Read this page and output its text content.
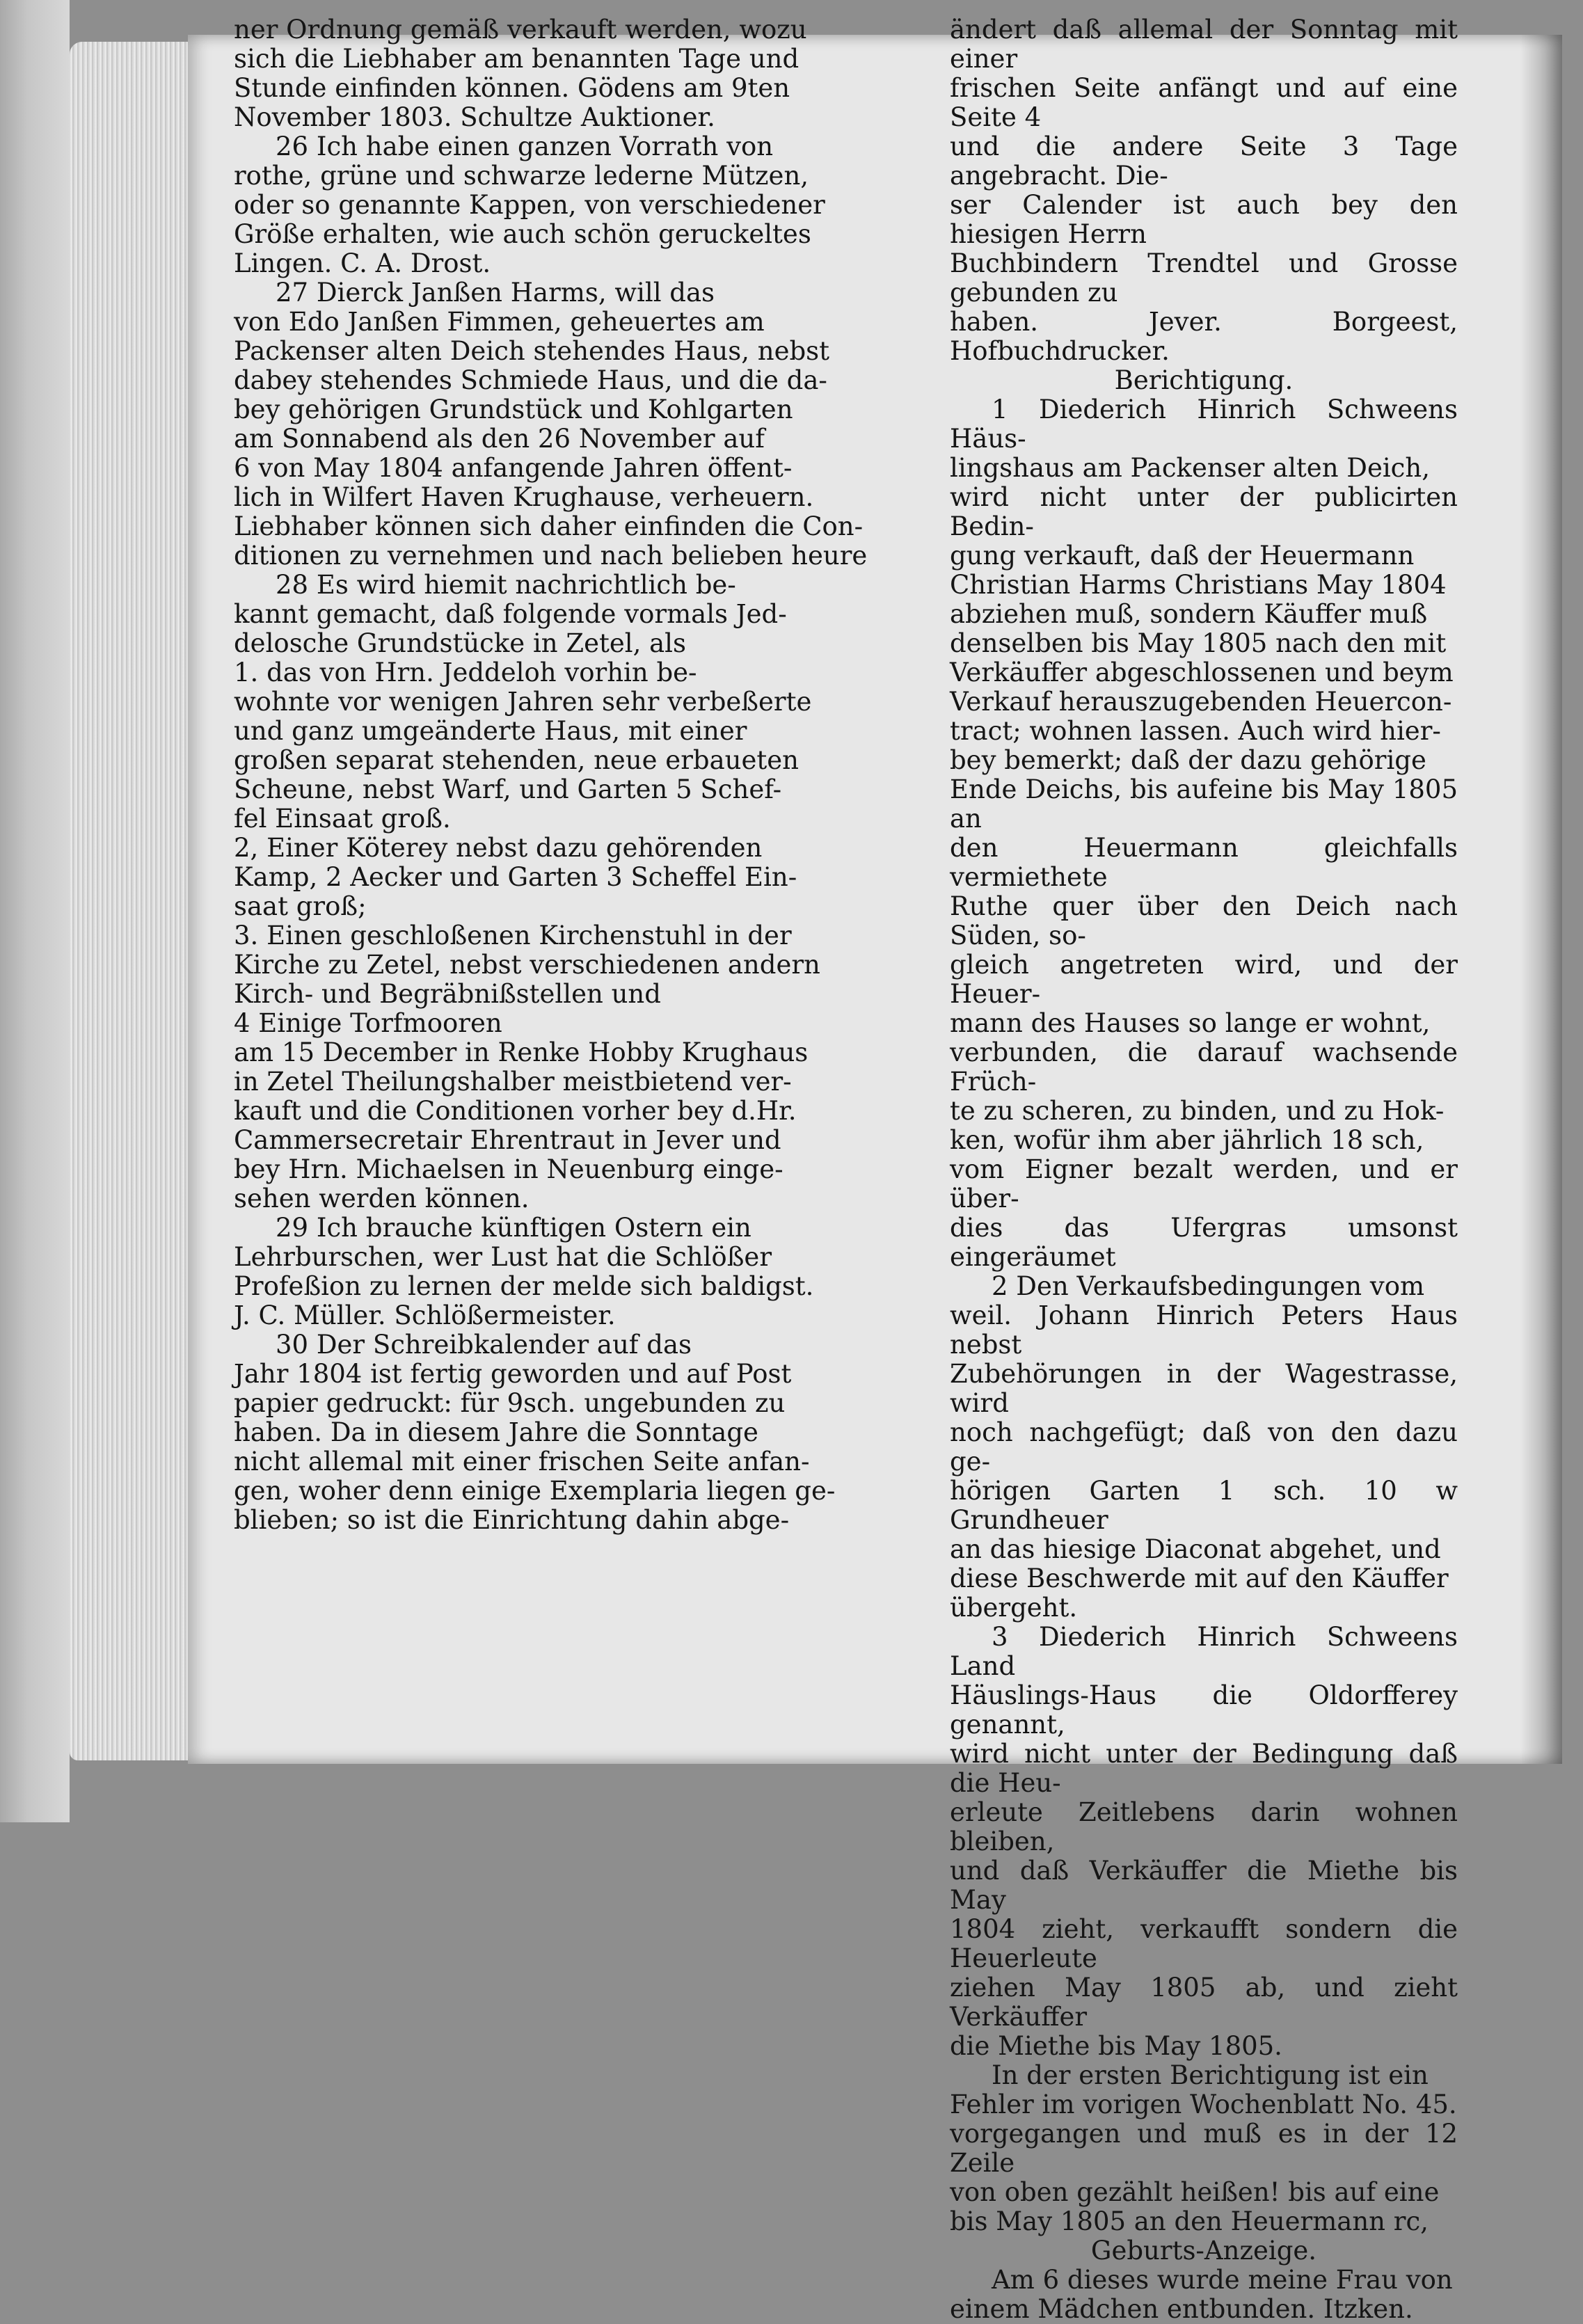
ner Ordnung gemäß verkauft werden, wozu

sich die Liebhaber am benannten Tage und

Stunde einfinden können. Gödens am 9ten

November 1803. Schultze Auktioner.

26 Ich habe einen ganzen Vorrath von

rothe, grüne und schwarze lederne Mützen,

oder so genannte Kappen, von verschiedener

Größe erhalten, wie auch schön geruckeltes

Lingen. C. A. Drost.

27 Dierck Janßen Harms, will das

von Edo Janßen Fimmen, geheuertes am

Packenser alten Deich stehendes Haus, nebst

dabey stehendes Schmiede Haus, und die da-

bey gehörigen Grundstück und Kohlgarten

am Sonnabend als den 26 November auf

6 von May 1804 anfangende Jahren öffent-

lich in Wilfert Haven Krughause, verheuern.

Liebhaber können sich daher einfinden die Con-

ditionen zu vernehmen und nach belieben heure

28 Es wird hiemit nachrichtlich be-

kannt gemacht, daß folgende vormals Jed-

delosche Grundstücke in Zetel, als

1. das von Hrn. Jeddeloh vorhin be-

wohnte vor wenigen Jahren sehr verbeßerte

und ganz umgeänderte Haus, mit einer

großen separat stehenden, neue erbaueten

Scheune, nebst Warf, und Garten 5 Schef-

fel Einsaat groß.

2, Einer Köterey nebst dazu gehörenden

Kamp, 2 Aecker und Garten 3 Scheffel Ein-

saat groß;

3. Einen geschloßenen Kirchenstuhl in der

Kirche zu Zetel, nebst verschiedenen andern

Kirch- und Begräbnißstellen und

4 Einige Torfmooren

am 15 December in Renke Hobby Krughaus

in Zetel Theilungshalber meistbietend ver-

kauft und die Conditionen vorher bey d.Hr.

Cammersecretair Ehrentraut in Jever und

bey Hrn. Michaelsen in Neuenburg einge-

sehen werden können.

29 Ich brauche künftigen Ostern ein

Lehrburschen, wer Lust hat die Schlößer

Profeßion zu lernen der melde sich baldigst.

J. C. Müller. Schlößermeister.

30 Der Schreibkalender auf das

Jahr 1804 ist fertig geworden und auf Post

papier gedruckt: für 9sch. ungebunden zu

haben. Da in diesem Jahre die Sonntage

nicht allemal mit einer frischen Seite anfan-

gen, woher denn einige Exemplaria liegen ge-

blieben; so ist die Einrichtung dahin abge-

ändert daß allemal der Sonntag mit einer

frischen Seite anfängt und auf eine Seite 4

und die andere Seite 3 Tage angebracht. Die-

ser Calender ist auch bey den hiesigen Herrn

Buchbindern Trendtel und Grosse gebunden zu

haben. Jever. Borgeest, Hofbuchdrucker.

Berichtigung.

1 Diederich Hinrich Schweens Häus-

lingshaus am Packenser alten Deich,

wird nicht unter der publicirten Bedin-

gung verkauft, daß der Heuermann

Christian Harms Christians May 1804

abziehen muß, sondern Käuffer muß

denselben bis May 1805 nach den mit

Verkäuffer abgeschlossenen und beym

Verkauf herauszugebenden Heuercon-

tract; wohnen lassen. Auch wird hier-

bey bemerkt; daß der dazu gehörige

Ende Deichs, bis aufeine bis May 1805 an

den Heuermann gleichfalls vermiethete

Ruthe quer über den Deich nach Süden, so-

gleich angetreten wird, und der Heuer-

mann des Hauses so lange er wohnt,

verbunden, die darauf wachsende Früch-

te zu scheren, zu binden, und zu Hok-

ken, wofür ihm aber jährlich 18 sch,

vom Eigner bezalt werden, und er über-

dies das Ufergras umsonst eingeräumet

2 Den Verkaufsbedingungen vom

weil. Johann Hinrich Peters Haus nebst

Zubehörungen in der Wagestrasse, wird

noch nachgefügt; daß von den dazu ge-

hörigen Garten 1 sch. 10 w Grundheuer

an das hiesige Diaconat abgehet, und

diese Beschwerde mit auf den Käuffer

übergeht.

3 Diederich Hinrich Schweens Land

Häuslings-Haus die Oldorfferey genannt,

wird nicht unter der Bedingung daß die Heu-

erleute Zeitlebens darin wohnen bleiben,

und daß Verkäuffer die Miethe bis May

1804 zieht, verkaufft sondern die Heuerleute

ziehen May 1805 ab, und zieht Verkäuffer

die Miethe bis May 1805.

In der ersten Berichtigung ist ein

Fehler im vorigen Wochenblatt No. 45.

vorgegangen und muß es in der 12 Zeile

von oben gezählt heißen! bis auf eine

bis May 1805 an den Heuermann rc,

Geburts-Anzeige.

Am 6 dieses wurde meine Frau von

einem Mädchen entbunden. Itzken.
